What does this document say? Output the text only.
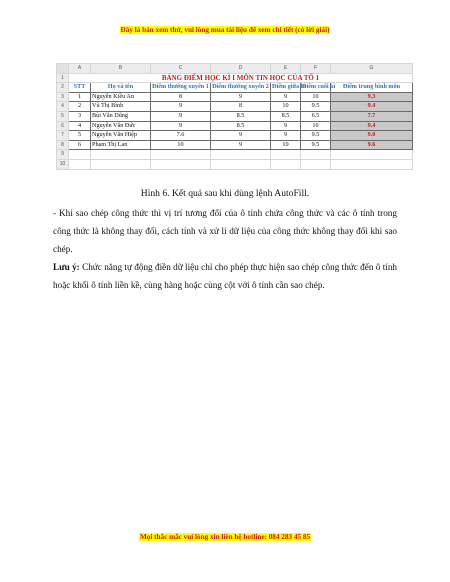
Đây là bản xem thử, vui lòng mua tài liệu để xem chi tiết (có lời giải)
	A	B	C	D	E	F	G
1	BẢNG ĐIỂM HỌC KÌ I MÔN TIN HỌC CỦA TỔ 1						
2	STT	Họ và tên	Điểm thường xuyên 1	Điểm thường xuyên 2	Điểm giữa kì	Điểm cuối kì	Điểm trung bình môn
3	1	Nguyễn Kiều An	8	9	9	10	9.3
4	2	Vũ Thị Bình	9	8	10	9.5	9.4
5	3	Bùi Văn Dũng	9	8.5	8.5	6.5	7.7
6	4	Nguyễn Văn Đức	9	8.5	9	10	9.4
7	5	Nguyễn Văn Hiệp	7.6	9	9	9.5	9.0
8	6	Phạm Thị Lan	10	9	10	9.5	9.6
9							
10							
Hình 6. Kết quả sau khi dùng lệnh AutoFill.
- Khi sao chép công thức thì vị trí tương đối của ô tính chứa công thức và các ô tính trong công thức là không thay đổi, cách tính và xử lí dữ liệu của công thức không thay đổi khi sao chép.
Lưu ý: Chức năng tự động điền dữ liệu chỉ cho phép thực hiện sao chép công thức đến ô tính hoặc khối ô tính liền kề, cùng hàng hoặc cùng cột với ô tính cần sao chép.
Mọi thắc mắc vui lòng xin liên hệ hotline: 084 283 45 85
